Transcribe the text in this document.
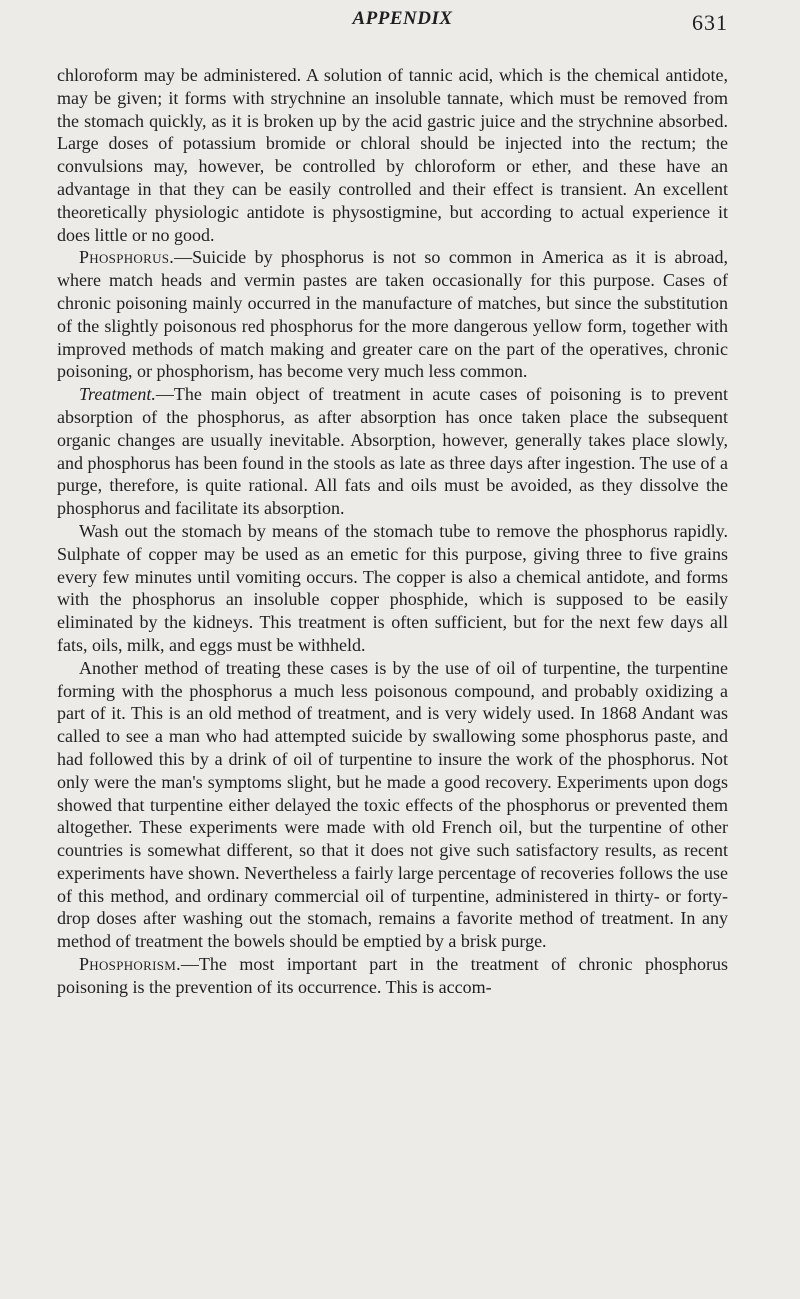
APPENDIX	631

chloroform may be administered. A solution of tannic acid, which is the chemical antidote, may be given; it forms with strychnine an insoluble tannate, which must be removed from the stomach quickly, as it is broken up by the acid gastric juice and the strychnine absorbed. Large doses of potassium bromide or chloral should be injected into the rectum; the convulsions may, however, be controlled by chloroform or ether, and these have an advantage in that they can be easily controlled and their effect is transient. An excellent theoretically physiologic antidote is physostigmine, but according to actual experience it does little or no good.

Phosphorus.—Suicide by phosphorus is not so common in America as it is abroad, where match heads and vermin pastes are taken occasionally for this purpose. Cases of chronic poisoning mainly occurred in the manufacture of matches, but since the substitution of the slightly poisonous red phosphorus for the more dangerous yellow form, together with improved methods of match making and greater care on the part of the operatives, chronic poisoning, or phosphorism, has become very much less common.

Treatment.—The main object of treatment in acute cases of poisoning is to prevent absorption of the phosphorus, as after absorption has once taken place the subsequent organic changes are usually inevitable. Absorption, however, generally takes place slowly, and phosphorus has been found in the stools as late as three days after ingestion. The use of a purge, therefore, is quite rational. All fats and oils must be avoided, as they dissolve the phosphorus and facilitate its absorption.

Wash out the stomach by means of the stomach tube to remove the phosphorus rapidly. Sulphate of copper may be used as an emetic for this purpose, giving three to five grains every few minutes until vomiting occurs. The copper is also a chemical antidote, and forms with the phosphorus an insoluble copper phosphide, which is supposed to be easily eliminated by the kidneys. This treatment is often sufficient, but for the next few days all fats, oils, milk, and eggs must be withheld.

Another method of treating these cases is by the use of oil of turpentine, the turpentine forming with the phosphorus a much less poisonous compound, and probably oxidizing a part of it. This is an old method of treatment, and is very widely used. In 1868 Andant was called to see a man who had attempted suicide by swallowing some phosphorus paste, and had followed this by a drink of oil of turpentine to insure the work of the phosphorus. Not only were the man's symptoms slight, but he made a good recovery. Experiments upon dogs showed that turpentine either delayed the toxic effects of the phosphorus or prevented them altogether. These experiments were made with old French oil, but the turpentine of other countries is somewhat different, so that it does not give such satisfactory results, as recent experiments have shown. Nevertheless a fairly large percentage of recoveries follows the use of this method, and ordinary commercial oil of turpentine, administered in thirty- or forty-drop doses after washing out the stomach, remains a favorite method of treatment. In any method of treatment the bowels should be emptied by a brisk purge.

Phosphorism.—The most important part in the treatment of chronic phosphorus poisoning is the prevention of its occurrence. This is accom-
